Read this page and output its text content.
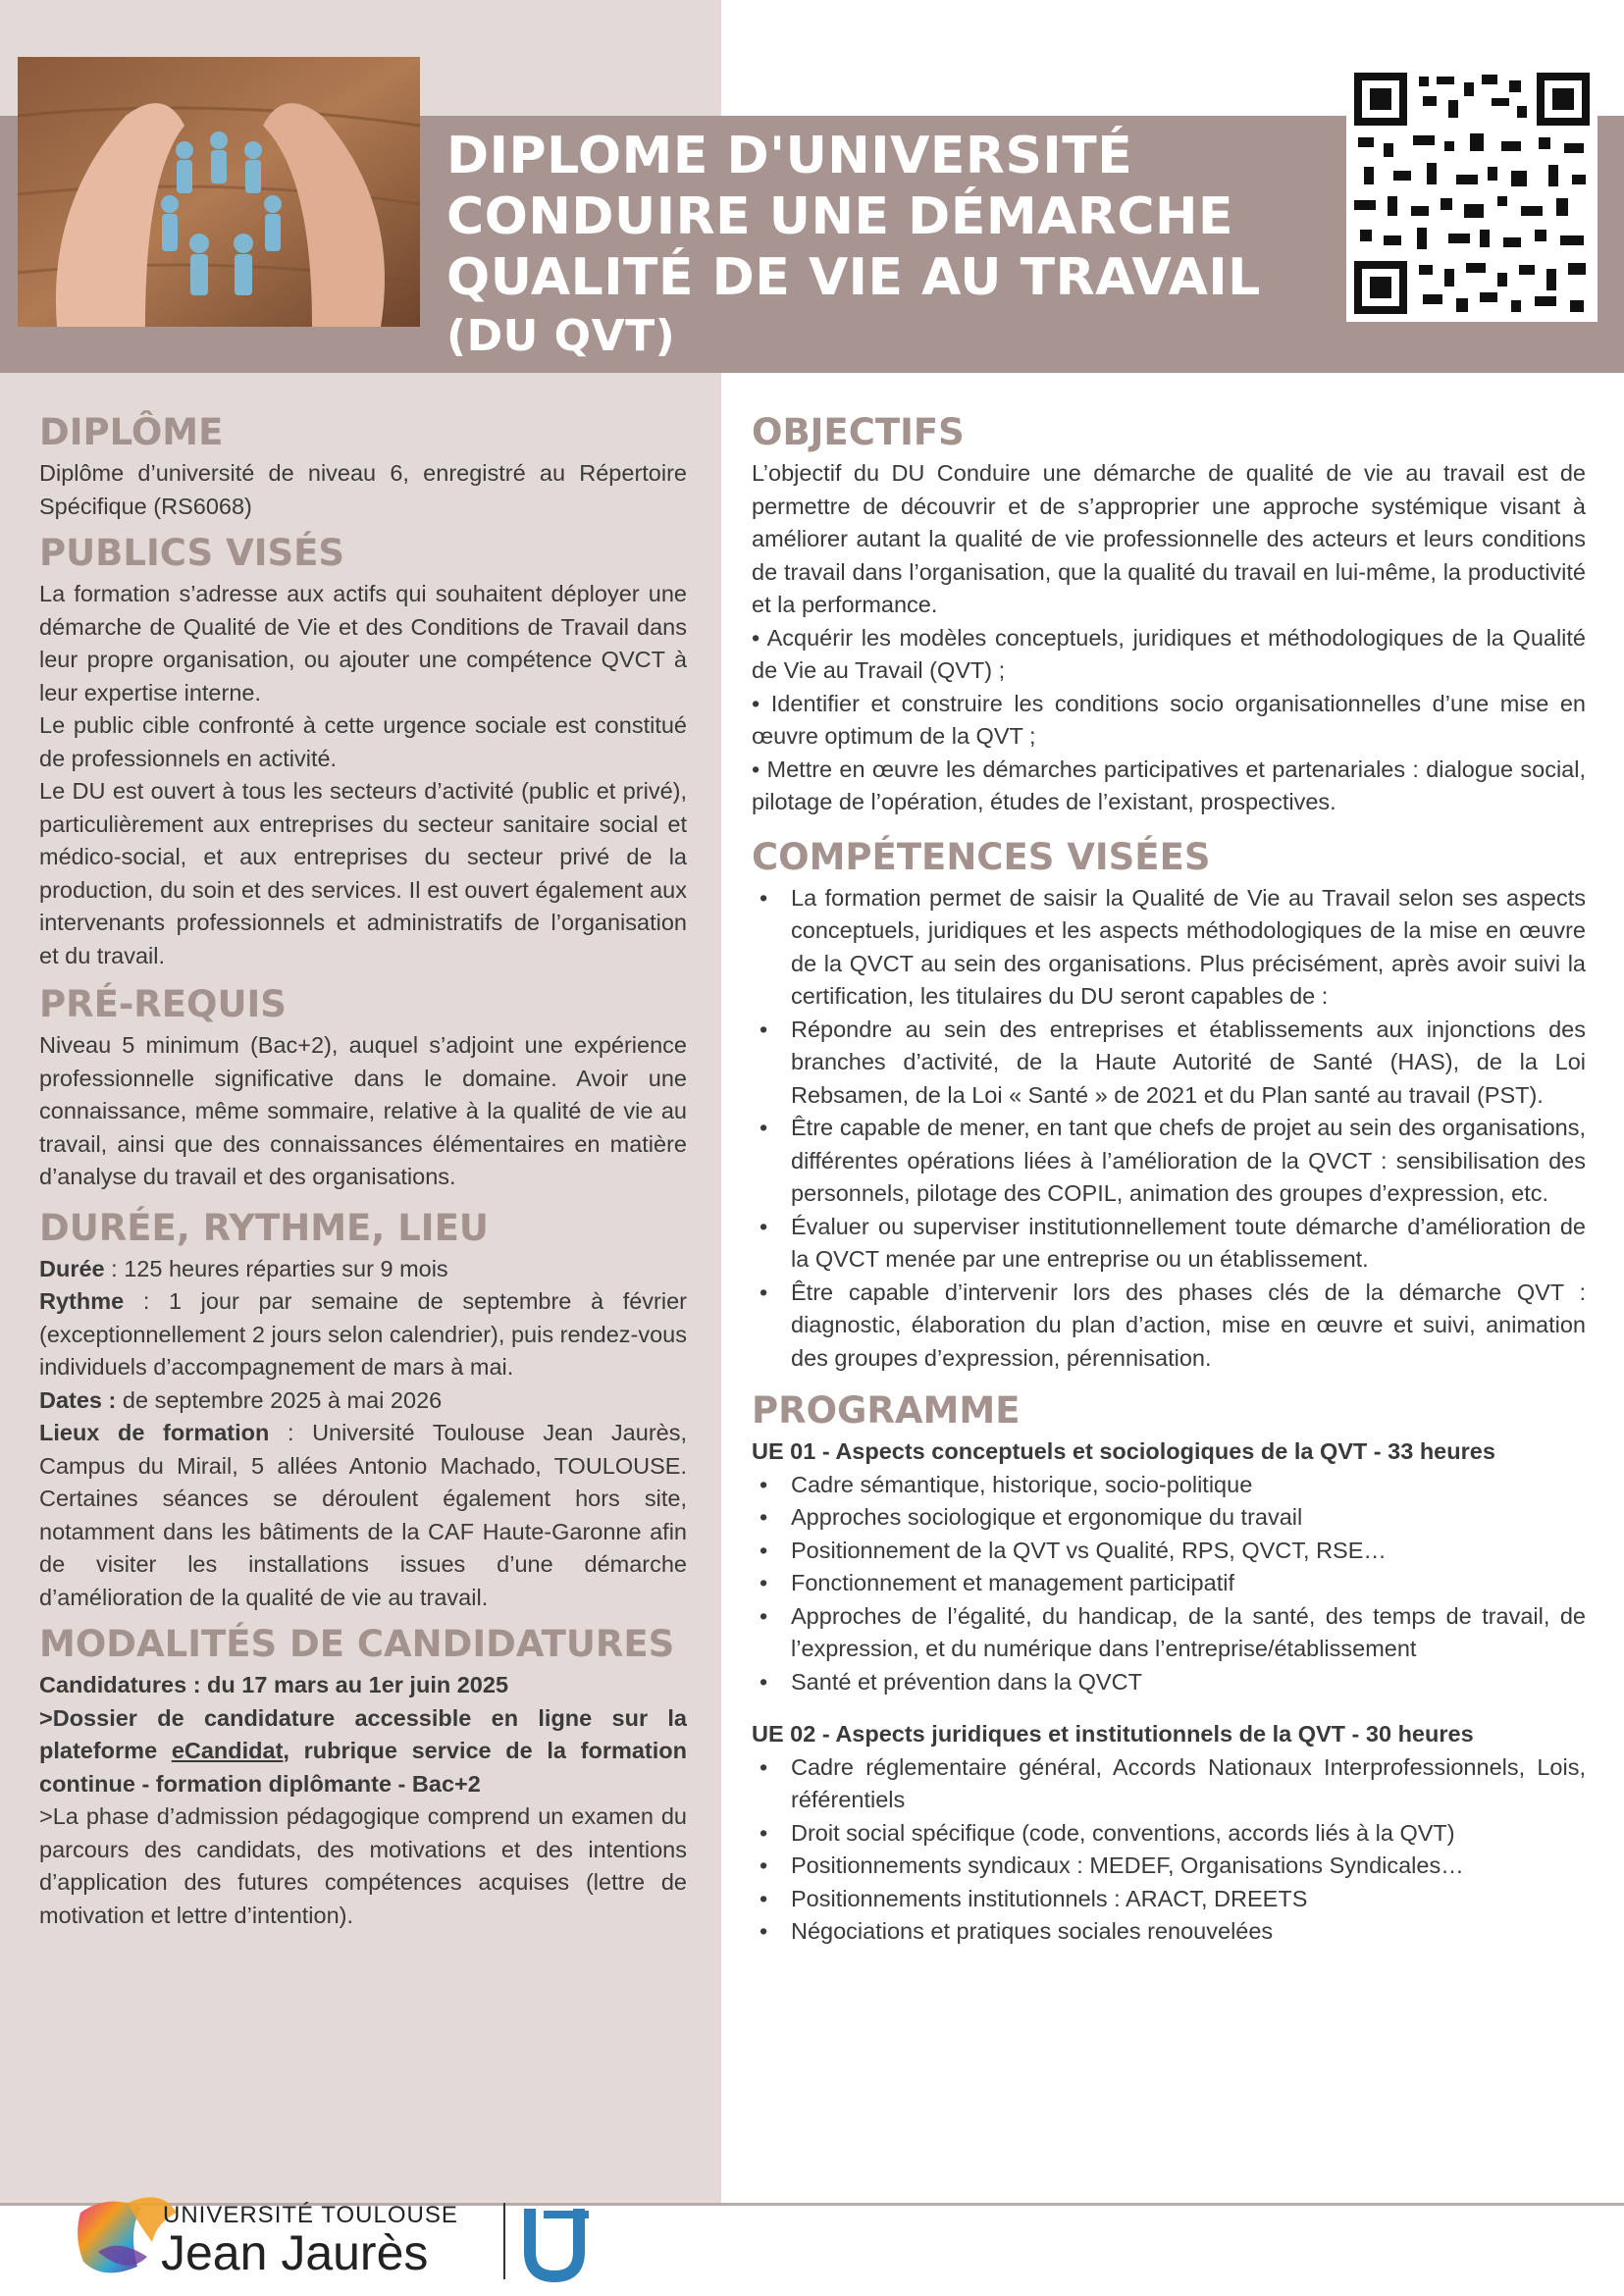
DIPLOME D'UNIVERSITÉ
CONDUIRE UNE DÉMARCHE
QUALITÉ DE VIE AU TRAVAIL
(DU QVT)
DIPLÔME

Diplôme d’université de niveau 6, enregistré au Répertoire Spécifique (RS6068)

PUBLICS VISÉS

La formation s’adresse aux actifs qui souhaitent déployer une démarche de Qualité de Vie et des Conditions de Travail dans leur propre organisation, ou ajouter une compétence QVCT à leur expertise interne.

Le public cible confronté à cette urgence sociale est constitué de professionnels en activité.

Le DU est ouvert à tous les secteurs d’activité (public et privé), particulièrement aux entreprises du secteur sanitaire social et médico-social, et aux entreprises du secteur privé de la production, du soin et des services. Il est ouvert également aux intervenants professionnels et administratifs de l’organisation et du travail.

PRÉ-REQUIS

Niveau 5 minimum (Bac+2), auquel s’adjoint une expérience professionnelle significative dans le domaine. Avoir une connaissance, même sommaire, relative à la qualité de vie au travail, ainsi que des connaissances élémentaires en matière d’analyse du travail et des organisations.

DURÉE, RYTHME, LIEU

Durée : 125 heures réparties sur 9 mois

Rythme : 1 jour par semaine de septembre à février (exceptionnellement 2 jours selon calendrier), puis rendez-vous individuels d’accompagnement de mars à mai.

Dates : de septembre 2025 à mai 2026

Lieux de formation : Université Toulouse Jean Jaurès, Campus du Mirail, 5 allées Antonio Machado, TOULOUSE. Certaines séances se déroulent également hors site, notamment dans les bâtiments de la CAF Haute-Garonne afin de visiter les installations issues d’une démarche d’amélioration de la qualité de vie au travail.

MODALITÉS DE CANDIDATURES

Candidatures : du 17 mars au 1er juin 2025

>Dossier de candidature accessible en ligne sur la plateforme eCandidat, rubrique service de la formation continue - formation diplômante - Bac+2

>La phase d’admission pédagogique comprend un examen du parcours des candidats, des motivations et des intentions d’application des futures compétences acquises (lettre de motivation et lettre d’intention).

OBJECTIFS

L’objectif du DU Conduire une démarche de qualité de vie au travail est de permettre de découvrir et de s’approprier une approche systémique visant à améliorer autant la qualité de vie professionnelle des acteurs et leurs conditions de travail dans l’organisation, que la qualité du travail en lui-même, la productivité et la performance.

• Acquérir les modèles conceptuels, juridiques et méthodologiques de la Qualité de Vie au Travail (QVT) ;
• Identifier et construire les conditions socio organisationnelles d’une mise en œuvre optimum de la QVT ;
• Mettre en œuvre les démarches participatives et partenariales : dialogue social, pilotage de l’opération, études de l’existant, prospectives.
COMPÉTENCES VISÉES
• La formation permet de saisir la Qualité de Vie au Travail selon ses aspects conceptuels, juridiques et les aspects méthodologiques de la mise en œuvre de la QVCT au sein des organisations. Plus précisément, après avoir suivi la certification, les titulaires du DU seront capables de :
• Répondre au sein des entreprises et établissements aux injonctions des branches d’activité, de la Haute Autorité de Santé (HAS), de la Loi Rebsamen, de la Loi « Santé » de 2021 et du Plan santé au travail (PST).
• Être capable de mener, en tant que chefs de projet au sein des organisations, différentes opérations liées à l’amélioration de la QVCT : sensibilisation des personnels, pilotage des COPIL, animation des groupes d’expression, etc.
• Évaluer ou superviser institutionnellement toute démarche d’amélioration de la QVCT menée par une entreprise ou un établissement.
• Être capable d’intervenir lors des phases clés de la démarche QVT : diagnostic, élaboration du plan d’action, mise en œuvre et suivi, animation des groupes d’expression, pérennisation.
PROGRAMME

UE 01 - Aspects conceptuels et sociologiques de la QVT - 33 heures

• Cadre sémantique, historique, socio-politique
• Approches sociologique et ergonomique du travail
• Positionnement de la QVT vs Qualité, RPS, QVCT, RSE…
• Fonctionnement et management participatif
• Approches de l’égalité, du handicap, de la santé, des temps de travail, de l’expression, et du numérique dans l’entreprise/établissement
• Santé et prévention dans la QVCT

UE 02 - Aspects juridiques et institutionnels de la QVT - 30 heures

• Cadre réglementaire général, Accords Nationaux Interprofessionnels, Lois, référentiels
• Droit social spécifique (code, conventions, accords liés à la QVT)
• Positionnements syndicaux : MEDEF, Organisations Syndicales…
• Positionnements institutionnels : ARACT, DREETS
• Négociations et pratiques sociales renouvelées
UNIVERSITÉ TOULOUSE
Jean Jaurès
